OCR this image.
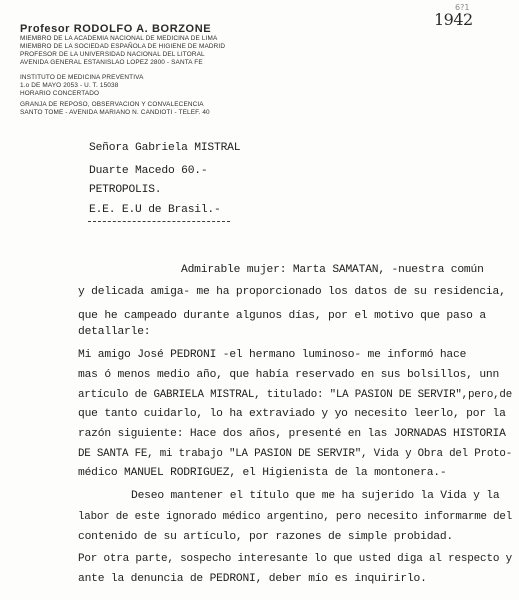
6?1
1942
Profesor RODOLFO A. BORZONE
MIEMBRO DE LA ACADEMIA NACIONAL DE MEDICINA DE LIMA
MIEMBRO DE LA SOCIEDAD ESPAÑOLA DE HIGIENE DE MADRID
PROFESOR DE LA UNIVERSIDAD NACIONAL DEL LITORAL
AVENIDA GENERAL ESTANISLAO LOPEZ 2800 - SANTA FE
INSTITUTO DE MEDICINA PREVENTIVA
1.o DE MAYO 2053 - U. T. 15038
HORARIO CONCERTADO
GRANJA DE REPOSO, OBSERVACION Y CONVALECENCIA
SANTO TOME - AVENIDA MARIANO N. CANDIOTI - TELEF. 40
Señora Gabriela MISTRAL
Duarte Macedo 60.-
PETROPOLIS.
E.E. E.U de Brasil.-
Admirable mujer: Marta SAMATAN, -nuestra común
y delicada amiga- me ha proporcionado los datos de su residencia,
que he campeado durante algunos días, por el motivo que paso a
detallarle:
Mi amigo José PEDRONI -el hermano luminoso- me informó hace
mas ó menos medio año, que había reservado en sus bolsillos, unn
artículo de GABRIELA MISTRAL, titulado: "LA PASION DE SERVIR",pero,de
que tanto cuidarlo, lo ha extraviado y yo necesito leerlo, por la
razón siguiente: Hace dos años, presenté en las JORNADAS HISTORIA
DE SANTA FE, mi trabajo "LA PASION DE SERVIR", Vida y Obra del Proto-
médico MANUEL RODRIGUEZ, el Higienista de la montonera.-
Deseo mantener el título que me ha sujerido la Vida y la
labor de este ignorado médico argentino, pero necesito informarme del
contenido de su artículo, por razones de simple probidad.
Por otra parte, sospecho interesante lo que usted diga al respecto y
ante la denuncia de PEDRONI, deber mío es inquirirlo.
